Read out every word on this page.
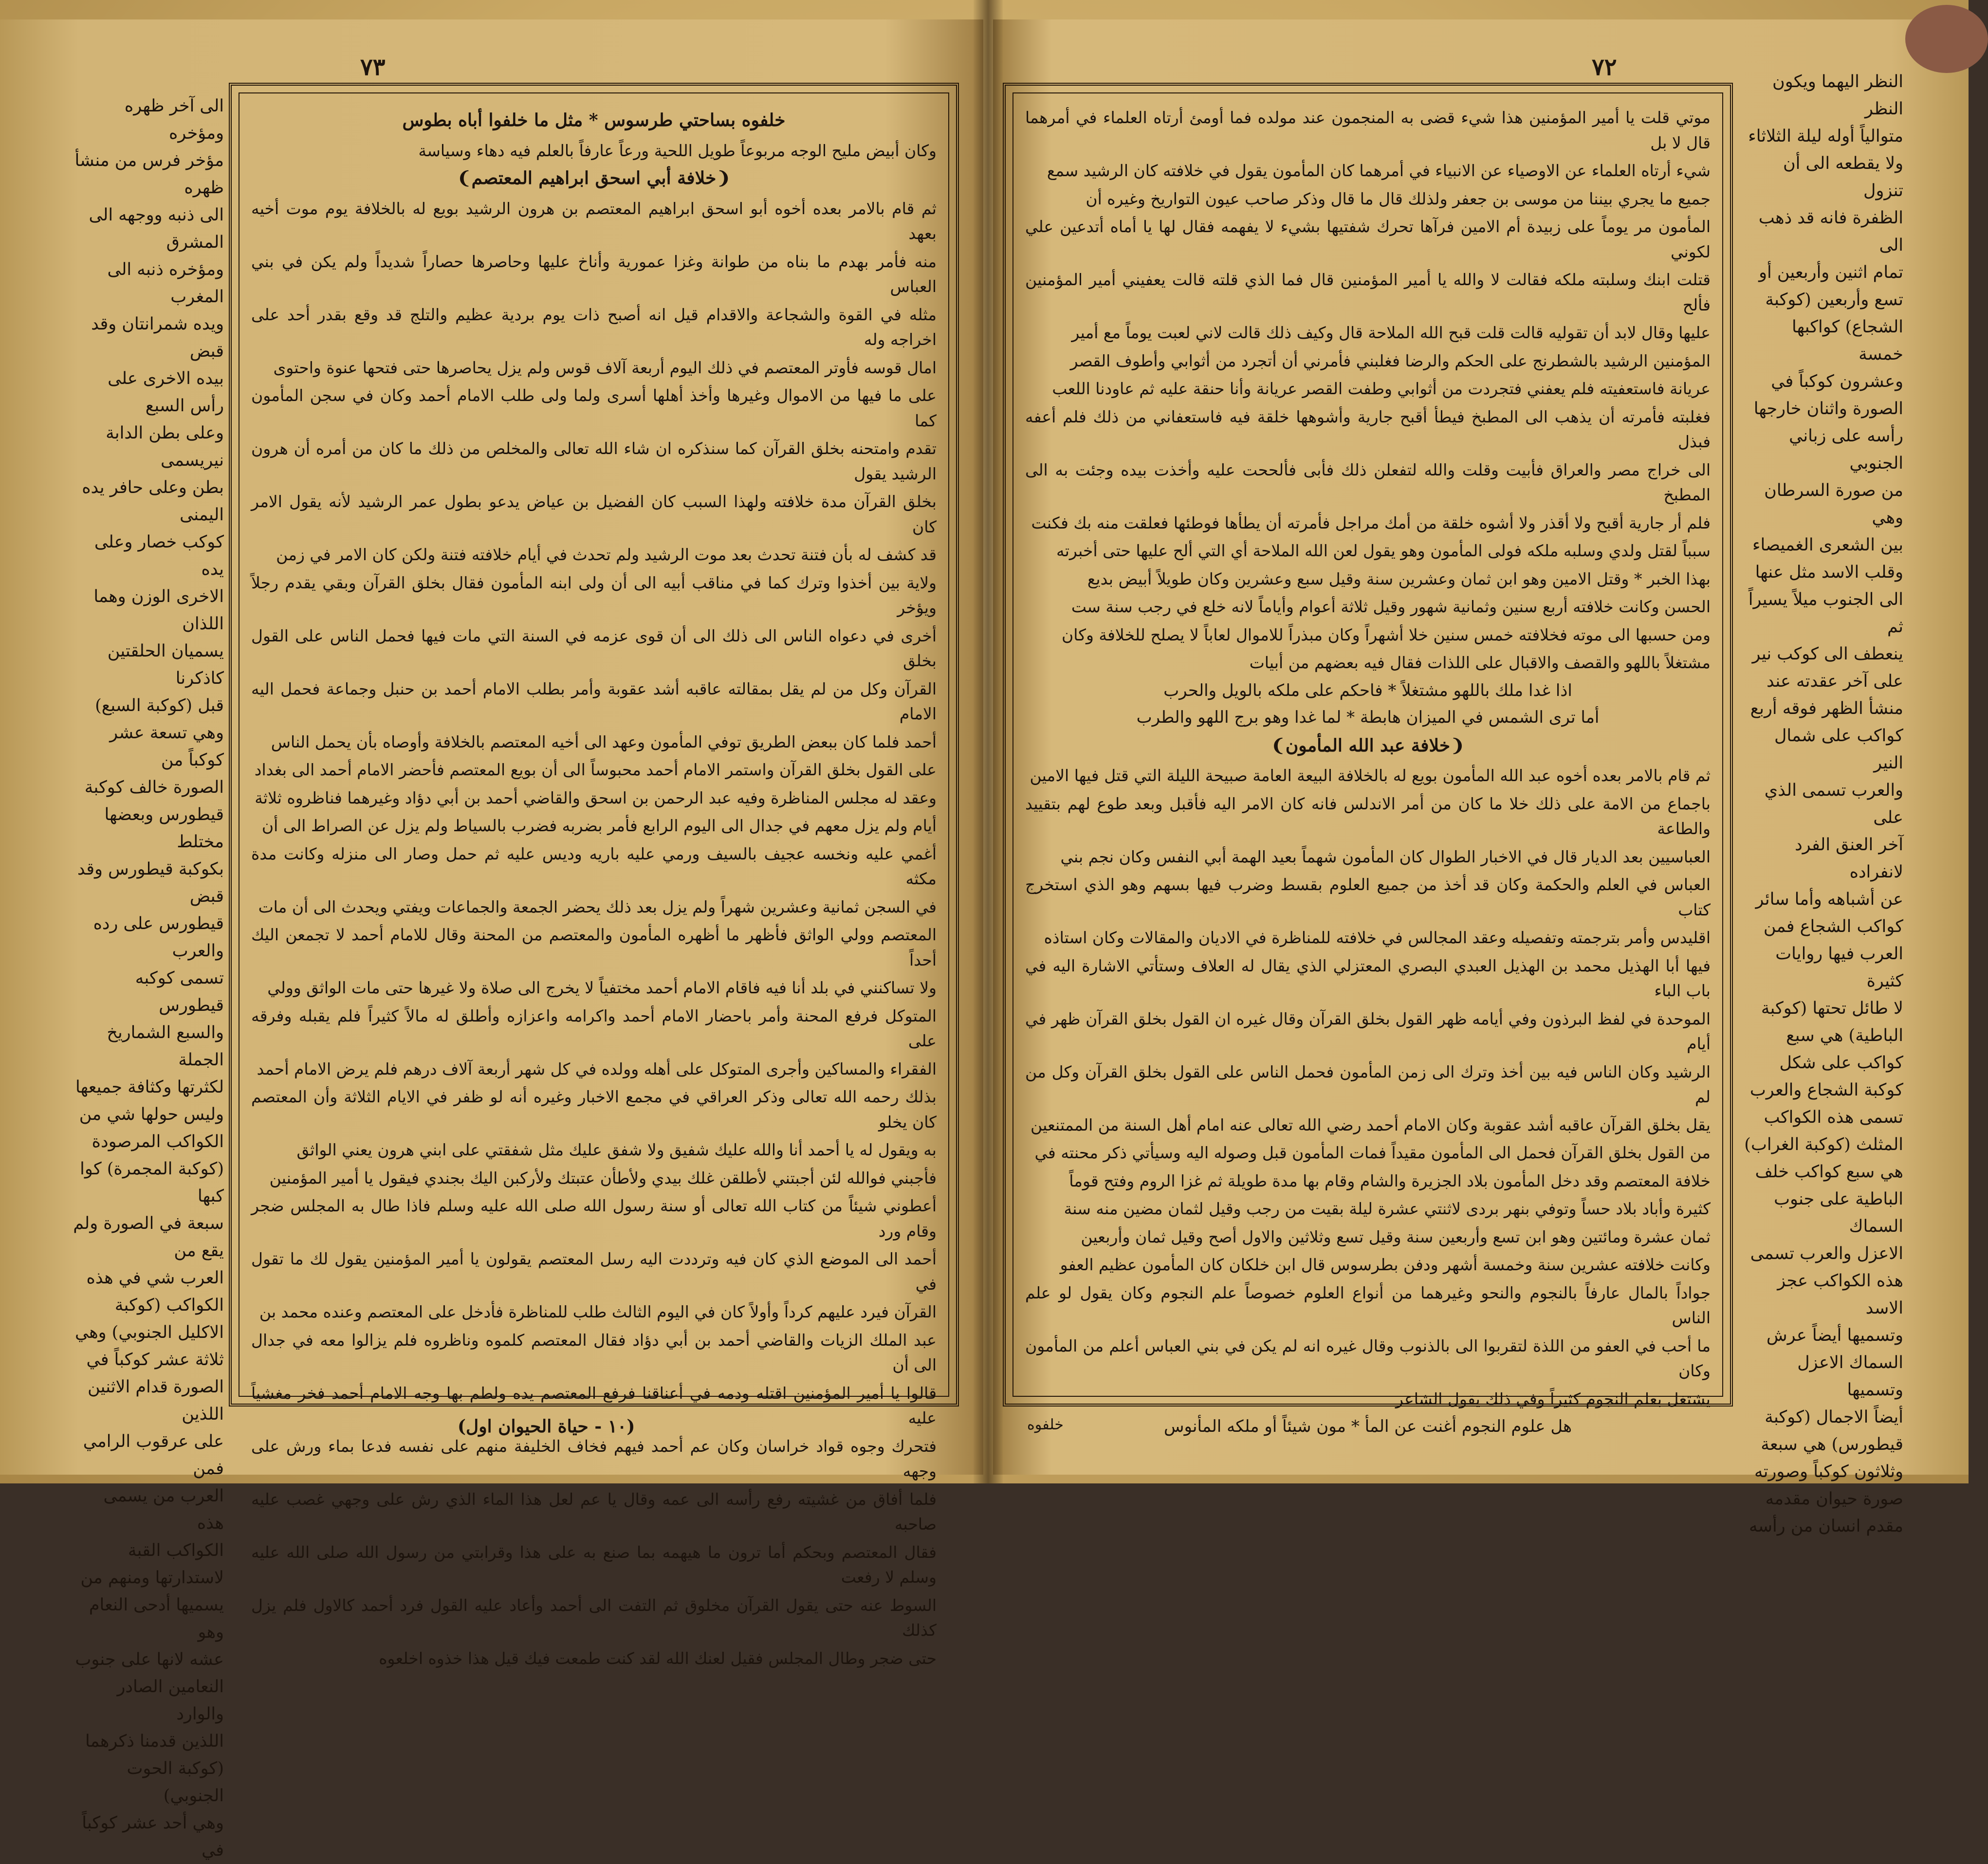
٧٣
خلفوه بساحتي طرسوس * مثل ما خلفوا أباه بطوس

وكان أبيض مليح الوجه مربوعاً طويل اللحية ورعاً عارفاً بالعلم فيه دهاء وسياسة

❨خلافة أبي اسحق ابراهيم المعتصم❩

ثم قام بالامر بعده أخوه أبو اسحق ابراهيم المعتصم بن هرون الرشيد بويع له بالخلافة يوم موت أخيه بعهد

منه فأمر بهدم ما بناه من طوانة وغزا عمورية وأناخ عليها وحاصرها حصاراً شديداً ولم يكن في بني العباس

مثله في القوة والشجاعة والاقدام قيل انه أصبح ذات يوم بردية عظيم والتلج قد وقع بقدر أحد على اخراجه وله

امال قوسه فأوتر المعتصم في ذلك اليوم أربعة آلاف قوس ولم يزل يحاصرها حتى فتحها عنوة واحتوى

على ما فيها من الاموال وغيرها وأخذ أهلها أسرى ولما ولى طلب الامام أحمد وكان في سجن المأمون كما

تقدم وامتحنه بخلق القرآن كما سنذكره ان شاء الله تعالى والمخلص من ذلك ما كان من أمره أن هرون الرشيد يقول

بخلق القرآن مدة خلافته ولهذا السبب كان الفضيل بن عياض يدعو بطول عمر الرشيد لأنه يقول الامر كان

قد كشف له بأن فتنة تحدث بعد موت الرشيد ولم تحدث في أيام خلافته فتنة ولكن كان الامر في زمن

ولاية بين أخذوا وترك كما في مناقب أبيه الى أن ولى ابنه المأمون فقال بخلق القرآن وبقي يقدم رجلاً ويؤخر

أخرى في دعواه الناس الى ذلك الى أن قوى عزمه في السنة التي مات فيها فحمل الناس على القول بخلق

القرآن وكل من لم يقل بمقالته عاقبه أشد عقوبة وأمر بطلب الامام أحمد بن حنبل وجماعة فحمل اليه الامام

أحمد فلما كان ببعض الطريق توفي المأمون وعهد الى أخيه المعتصم بالخلافة وأوصاه بأن يحمل الناس

على القول بخلق القرآن واستمر الامام أحمد محبوساً الى أن بويع المعتصم فأحضر الامام أحمد الى بغداد

وعقد له مجلس المناظرة وفيه عبد الرحمن بن اسحق والقاضي أحمد بن أبي دؤاد وغيرهما فناظروه ثلاثة

أيام ولم يزل معهم في جدال الى اليوم الرابع فأمر بضربه فضرب بالسياط ولم يزل عن الصراط الى أن

أغمي عليه ونخسه عجيف بالسيف ورمي عليه باريه وديس عليه ثم حمل وصار الى منزله وكانت مدة مكثه

في السجن ثمانية وعشرين شهراً ولم يزل بعد ذلك يحضر الجمعة والجماعات ويفتي ويحدث الى أن مات

المعتصم وولي الواثق فأظهر ما أظهره المأمون والمعتصم من المحنة وقال للامام أحمد لا تجمعن اليك أحداً

ولا تساكنني في بلد أنا فيه فاقام الامام أحمد مختفياً لا يخرج الى صلاة ولا غيرها حتى مات الواثق وولي

المتوكل فرفع المحنة وأمر باحضار الامام أحمد واكرامه واعزازه وأطلق له مالاً كثيراً فلم يقبله وفرقه على

الفقراء والمساكين وأجرى المتوكل على أهله وولده في كل شهر أربعة آلاف درهم فلم يرض الامام أحمد

بذلك رحمه الله تعالى وذكر العراقي في مجمع الاخبار وغيره أنه لو ظفر في الايام الثلاثة وأن المعتصم كان يخلو

به ويقول له يا أحمد أنا والله عليك شفيق ولا شفق عليك مثل شفقتي على ابني هرون يعني الواثق

فأجبني فوالله لئن أجبتني لأطلقن غلك بيدي ولأطأن عتبتك ولأركبن اليك بجندي فيقول يا أمير المؤمنين

أعطوني شيئاً من كتاب الله تعالى أو سنة رسول الله صلى الله عليه وسلم فاذا طال به المجلس ضجر وقام ورد

أحمد الى الموضع الذي كان فيه وترددت اليه رسل المعتصم يقولون يا أمير المؤمنين يقول لك ما تقول في

القرآن فيرد عليهم كرداً وأولاً كان في اليوم الثالث طلب للمناظرة فأدخل على المعتصم وعنده محمد بن

عبد الملك الزيات والقاضي أحمد بن أبي دؤاد فقال المعتصم كلموه وناظروه فلم يزالوا معه في جدال الى أن

قالوا يا أمير المؤمنين اقتله ودمه في أعناقنا فرفع المعتصم يده ولطم بها وجه الامام أحمد فخر مغشياً عليه

فتحرك وجوه قواد خراسان وكان عم أحمد فيهم فخاف الخليفة منهم على نفسه فدعا بماء ورش على وجهه

فلما أفاق من غشيته رفع رأسه الى عمه وقال يا عم لعل هذا الماء الذي رش على وجهي غصب عليه صاحبه

فقال المعتصم وبحكم أما ترون ما هيهمه بما صنع به على هذا وقرابتي من رسول الله صلى الله عليه وسلم لا رفعت

السوط عنه حتى يقول القرآن مخلوق ثم التفت الى أحمد وأعاد عليه القول فرد أحمد كالاول فلم يزل كذلك

حتى ضجر وطال المجلس فقيل لعنك الله لقد كنت طمعت فيك قيل هذا خذوه اخلعوه

(١٠ - حياة الحيوان اول)
الى آخر ظهره ومؤخره
مؤخر فرس من منشأ ظهره
الى ذنبه ووجهه الى المشرق
ومؤخره ذنبه الى المغرب
ويده شمرانتان وقد قبض
بيده الاخرى على رأس السبع
وعلى بطن الدابة نيريسمى
بطن وعلى حافر يده اليمنى
كوكب خصار وعلى يده
الاخرى الوزن وهما اللذان
يسميان الحلقتين كاذكرنا
قبل (كوكبة السبع)
وهي تسعة عشر كوكباً من
الصورة خالف كوكبة
قيطورس وبعضها مختلط
بكوكبة قيطورس وقد قبض
قيطورس على رده والعرب
تسمى كوكبه قيطورس
والسبع الشماريخ الجملة
لكثرتها وكثافة جميعها
وليس حولها شي من
الكواكب المرصودة
(كوكبة المجمرة) كوا كبها
سبعة في الصورة ولم يقع من
العرب شي في هذه
الكواكب (كوكبة
الاكليل الجنوبي) وهي
ثلاثة عشر كوكباً في
الصورة قدام الاثنين اللذين
على عرقوب الرامي فمن
العرب من يسمى هذه
الكواكب القبة
لاستدارتها ومنهم من
يسميها أدحى النعام وهو
عشه لانها على جنوب
النعامين الصادر والوارد
اللذين قدمنا ذكرهما
(كوكبة الحوت الجنوبي)
وهي أحد عشر كوكباً في
٧٢

موتي قلت يا أمير المؤمنين هذا شيء قضى به المنجمون عند مولده فما أومئ أرتاه العلماء في أمرهما قال لا بل

شيء أرتاه العلماء عن الاوصياء عن الانبياء في أمرهما كان المأمون يقول في خلافته كان الرشيد سمع

جميع ما يجري بيننا من موسى بن جعفر ولذلك قال ما قال وذكر صاحب عيون التواريخ وغيره أن

المأمون مر يوماً على زبيدة أم الامين فرآها تحرك شفتيها بشيء لا يفهمه فقال لها يا أماه أتدعين علي لكوني

قتلت ابنك وسلبته ملكه فقالت لا والله يا أمير المؤمنين قال فما الذي قلته قالت يعفيني أمير المؤمنين فألح

عليها وقال لابد أن تقوليه قالت قلت قبح الله الملاحة قال وكيف ذلك قالت لاني لعبت يوماً مع أمير

المؤمنين الرشيد بالشطرنج على الحكم والرضا فغلبني فأمرني أن أتجرد من أثوابي وأطوف القصر

عريانة فاستعفيته فلم يعفني فتجردت من أثوابي وطفت القصر عريانة وأنا حنقة عليه ثم عاودنا اللعب

فغلبته فأمرته أن يذهب الى المطبخ فيطأ أقبح جارية وأشوهها خلقة فيه فاستعفاني من ذلك فلم أعفه فبذل

الى خراج مصر والعراق فأبيت وقلت والله لتفعلن ذلك فأبى فألححت عليه وأخذت بيده وجئت به الى المطبخ

فلم أر جارية أقبح ولا أقذر ولا أشوه خلقة من أمك مراجل فأمرته أن يطأها فوطئها فعلقت منه بك فكنت

سبباً لقتل ولدي وسلبه ملكه فولى المأمون وهو يقول لعن الله الملاحة أي التي ألح عليها حتى أخبرته

بهذا الخبر * وقتل الامين وهو ابن ثمان وعشرين سنة وقيل سبع وعشرين وكان طويلاً أبيض بديع

الحسن وكانت خلافته أربع سنين وثمانية شهور وقيل ثلاثة أعوام وأياماً لانه خلع في رجب سنة ست

ومن حسبها الى موته فخلافته خمس سنين خلا أشهراً وكان مبذراً للاموال لعاباً لا يصلح للخلافة وكان

مشتغلاً باللهو والقصف والاقبال على اللذات فقال فيه بعضهم من أبيات

اذا غدا ملك باللهو مشتغلاً * فاحكم على ملكه بالويل والحرب
أما ترى الشمس في الميزان هابطة * لما غدا وهو برج اللهو والطرب
❨خلافة عبد الله المأمون❩

ثم قام بالامر بعده أخوه عبد الله المأمون بويع له بالخلافة البيعة العامة صبيحة الليلة التي قتل فيها الامين

باجماع من الامة على ذلك خلا ما كان من أمر الاندلس فانه كان الامر اليه فأقبل وبعد طوع لهم بتقييد والطاعة

العباسيين بعد الديار قال في الاخبار الطوال كان المأمون شهماً بعيد الهمة أبي النفس وكان نجم بني

العباس في العلم والحكمة وكان قد أخذ من جميع العلوم بقسط وضرب فيها بسهم وهو الذي استخرج كتاب

اقليدس وأمر بترجمته وتفصيله وعقد المجالس في خلافته للمناظرة في الاديان والمقالات وكان استاذه

فيها أبا الهذيل محمد بن الهذيل العبدي البصري المعتزلي الذي يقال له العلاف وستأتي الاشارة اليه في باب الباء

الموحدة في لفظ البرذون وفي أيامه ظهر القول بخلق القرآن وقال غيره ان القول بخلق القرآن ظهر في أيام

الرشيد وكان الناس فيه بين أخذ وترك الى زمن المأمون فحمل الناس على القول بخلق القرآن وكل من لم

يقل بخلق القرآن عاقبه أشد عقوبة وكان الامام أحمد رضي الله تعالى عنه امام أهل السنة من الممتنعين

من القول بخلق القرآن فحمل الى المأمون مقيداً فمات المأمون قبل وصوله اليه وسيأتي ذكر محنته في

خلافة المعتصم وقد دخل المأمون بلاد الجزيرة والشام وقام بها مدة طويلة ثم غزا الروم وفتح قوماً

كثيرة وأباد بلاد حساً وتوفي بنهر بردى لاثنتي عشرة ليلة بقيت من رجب وقيل لثمان مضين منه سنة

ثمان عشرة ومائتين وهو ابن تسع وأربعين سنة وقيل تسع وثلاثين والاول أصح وقيل ثمان وأربعين

وكانت خلافته عشرين سنة وخمسة أشهر ودفن بطرسوس قال ابن خلكان كان المأمون عظيم العفو

جواداً بالمال عارفاً بالنجوم والنحو وغيرهما من أنواع العلوم خصوصاً علم النجوم وكان يقول لو علم الناس

ما أحب في العفو من اللذة لتقربوا الى بالذنوب وقال غيره انه لم يكن في بني العباس أعلم من المأمون وكان

يشتغل بعلم النجوم كثيراً وفي ذلك يقول الشاعر

هل علوم النجوم أغنت عن المأ * مون شيئاً أو ملكه المأنوس
خلفوه
النظر اليهما ويكون النظر
متوالياً أوله ليلة الثلاثاء
ولا يقطعه الى أن تنزول
الظفرة فانه قد ذهب الى
تمام اثنين وأربعين أو
تسع وأربعين (كوكبة
الشجاع) كواكبها خمسة
وعشرون كوكباً في
الصورة واثنان خارجها
رأسه على زباني الجنوبي
من صورة السرطان وهي
بين الشعرى الغميصاء
وقلب الاسد مثل عنها
الى الجنوب ميلاً يسيراً ثم
ينعطف الى كوكب نير
على آخر عقدته عند
منشأ الظهر فوقه أربع
كواكب على شمال النير
والعرب تسمى الذي على
آخر العنق الفرد لانفراده
عن أشباهه وأما سائر
كواكب الشجاع فمن
العرب فيها روايات كثيرة
لا طائل تحتها (كوكبة
الباطية) هي سبع
كواكب على شكل
كوكبة الشجاع والعرب
تسمى هذه الكواكب
المثلث (كوكبة الغراب)
هي سبع كواكب خلف
الباطية على جنوب السماك
الاعزل والعرب تسمى
هذه الكواكب عجز الاسد
وتسميها أيضاً عرش
السماك الاعزل وتسميها
أيضاً الاجمال (كوكبة
قيطورس) هي سبعة
وثلاثون كوكباً وصورته
صورة حيوان مقدمه
مقدم انسان من رأسه
